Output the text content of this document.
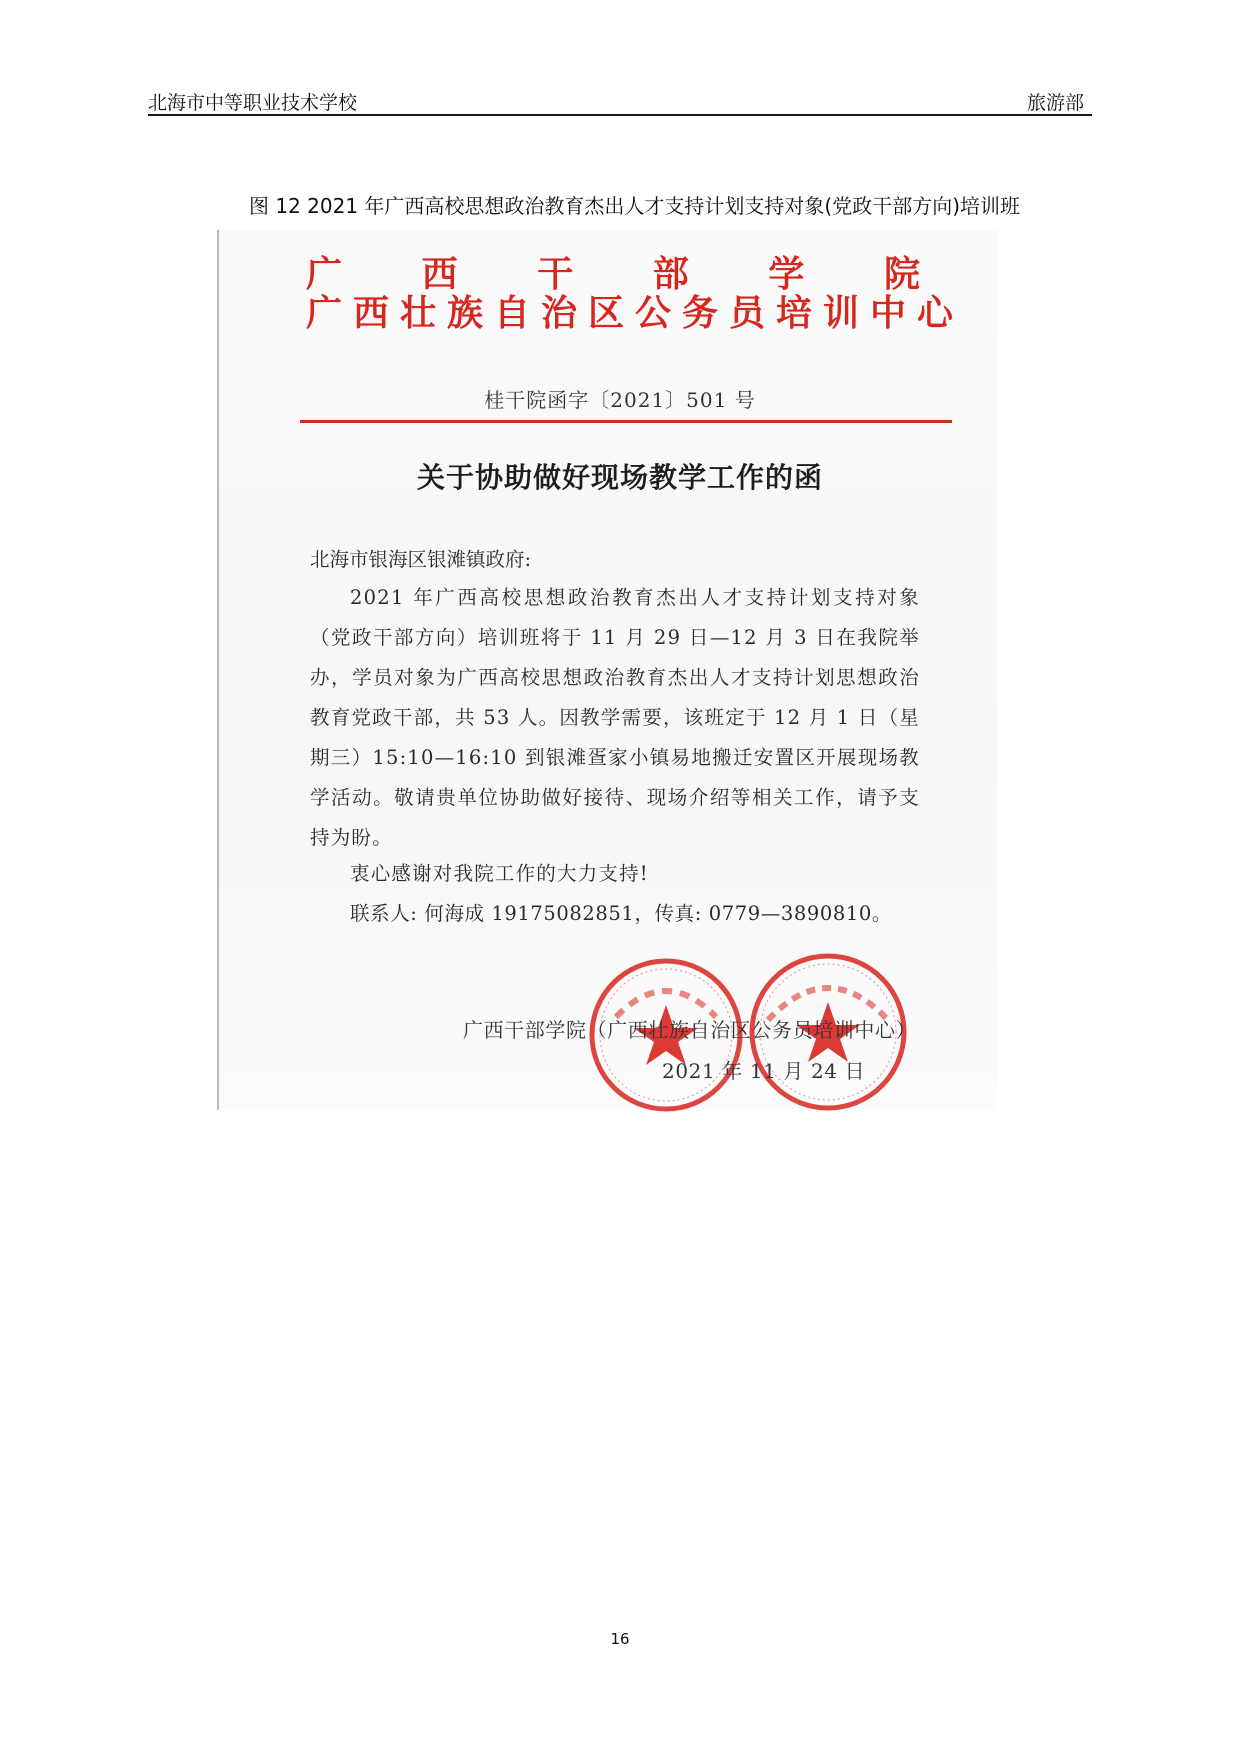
北海市中等职业技术学校	旅游部
图 12 2021 年广西高校思想政治教育杰出人才支持计划支持对象(党政干部方向)培训班
广 西 干 部 学 院
广西壮族自治区公务员培训中心
桂干院函字〔2021〕501 号
关于协助做好现场教学工作的函
北海市银海区银滩镇政府:
2021 年广西高校思想政治教育杰出人才支持计划支持对象（党政干部方向）培训班将于 11 月 29 日—12 月 3 日在我院举办，学员对象为广西高校思想政治教育杰出人才支持计划思想政治教育党政干部，共 53 人。因教学需要，该班定于 12 月 1 日（星期三）15:10—16:10 到银滩疍家小镇易地搬迁安置区开展现场教学活动。敬请贵单位协助做好接待、现场介绍等相关工作，请予支持为盼。
衷心感谢对我院工作的大力支持!
联系人: 何海成 19175082851，传真: 0779—3890810。
广西干部学院（广西壮族自治区公务员培训中心）
2021 年 11 月 24 日
16
